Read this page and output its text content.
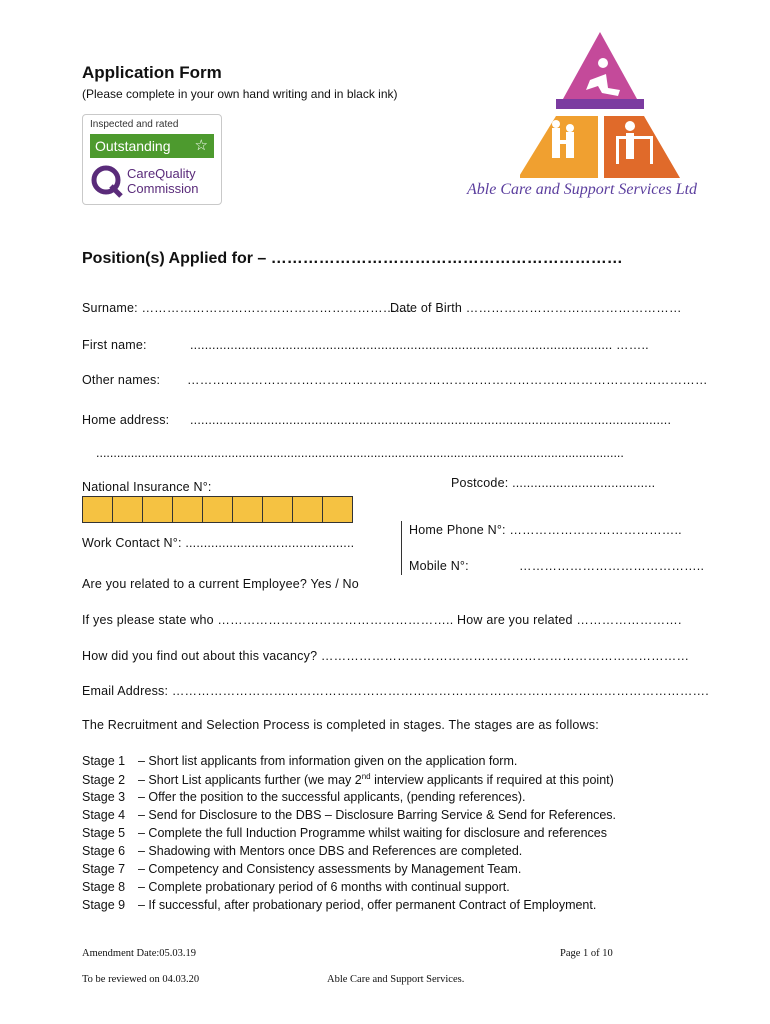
Application Form
(Please complete in your own hand writing and in black ink)
Inspected and rated
Outstanding ☆
CareQuality
Commission	Able Care and Support Services Ltd
Position(s) Applied for – …………………………………………………………
Surname: ……………………………………………………….
Date of Birth ……………………………………………
First name:	................................................................................................................... ……..
Other names: ……………………………………………………………………………………………………………
Home address: ...................................................................................................................................
........................................................................................................................................................
Postcode: .......................................
National Insurance N°:
Home Phone N°: …………………………………..
Work Contact N°: ..............................................
Mobile N°:	……………………………………..
Are you related to a current Employee? Yes / No
If yes please state who ……………………………………………….. How are you related …………………….
How did you find out about this vacancy? ……………………………………………………………………………
Email Address: ……………………………………………………………………………………………………………….
The Recruitment and Selection Process is completed in stages. The stages are as follows:
Stage 1 – Short list applicants from information given on the application form.
Stage 2 – Short List applicants further (we may 2nd interview applicants if required at this point)
Stage 3 – Offer the position to the successful applicants, (pending references).
Stage 4 – Send for Disclosure to the DBS – Disclosure Barring Service & Send for References.
Stage 5 – Complete the full Induction Programme whilst waiting for disclosure and references
Stage 6 – Shadowing with Mentors once DBS and References are completed.
Stage 7 – Competency and Consistency assessments by Management Team.
Stage 8 – Complete probationary period of 6 months with continual support.
Stage 9 – If successful, after probationary period, offer permanent Contract of Employment.
Amendment Date:05.03.19	Page 1 of 10
To be reviewed on 04.03.20	Able Care and Support Services.
